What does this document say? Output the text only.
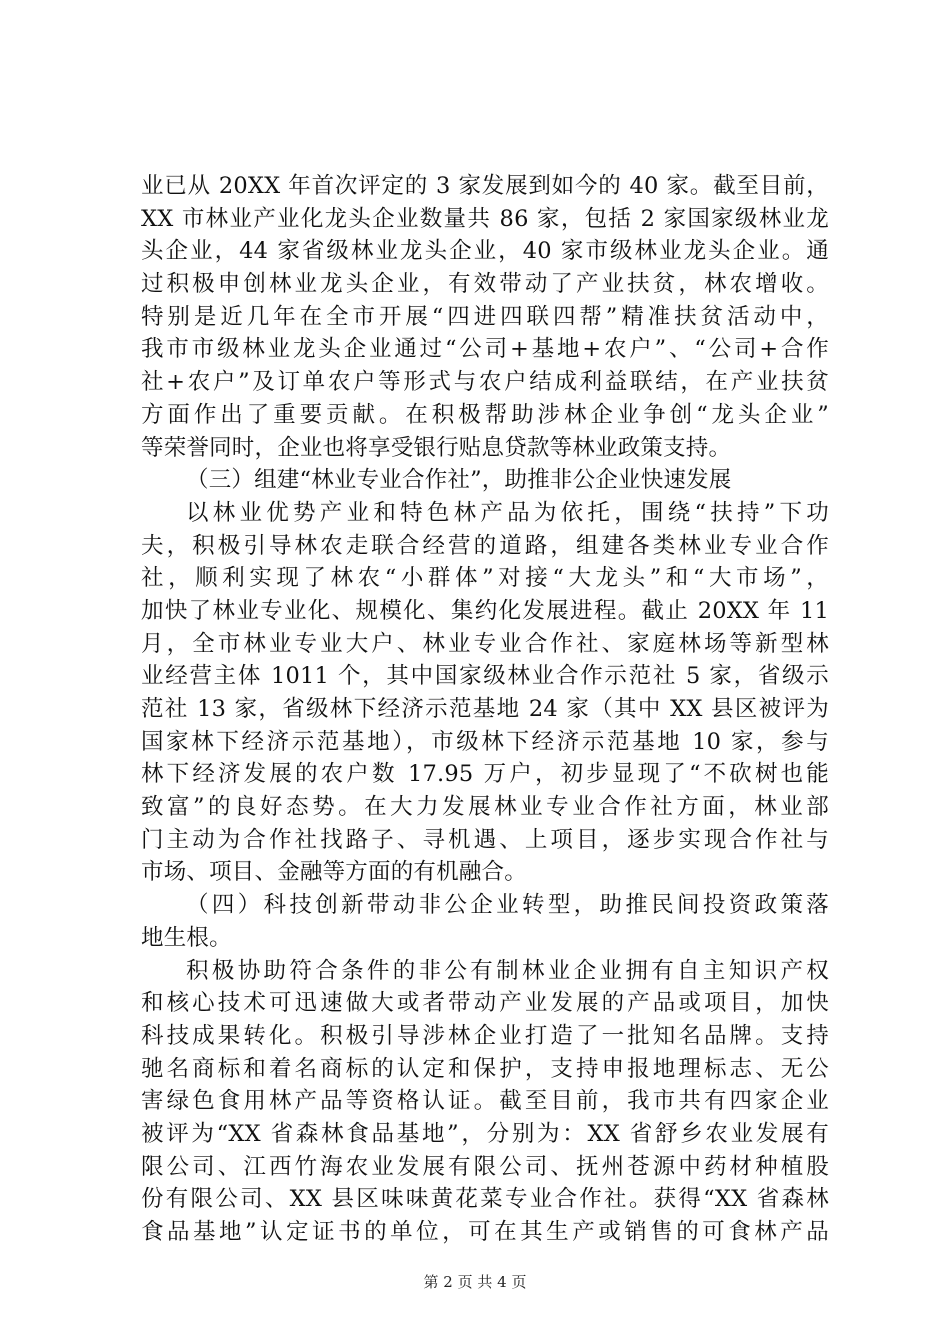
业已从 20XX 年首次评定的 3 家发展到如今的 40 家。截至目前，
XX 市林业产业化龙头企业数量共 86 家，包括 2 家国家级林业龙
头企业，44 家省级林业龙头企业，40 家市级林业龙头企业。通
过积极申创林业龙头企业，有效带动了产业扶贫，林农增收。
特别是近几年在全市开展“四进四联四帮”精准扶贫活动中，
我市市级林业龙头企业通过“公司+基地+农户”、“公司+合作
社+农户”及订单农户等形式与农户结成利益联结，在产业扶贫
方面作出了重要贡献。在积极帮助涉林企业争创“龙头企业”
等荣誉同时，企业也将享受银行贴息贷款等林业政策支持。
（三）组建“林业专业合作社”，助推非公企业快速发展
以林业优势产业和特色林产品为依托，围绕“扶持”下功
夫，积极引导林农走联合经营的道路，组建各类林业专业合作
社，顺利实现了林农“小群体”对接“大龙头”和“大市场”，
加快了林业专业化、规模化、集约化发展进程。截止 20XX 年 11
月，全市林业专业大户、林业专业合作社、家庭林场等新型林
业经营主体 1011 个，其中国家级林业合作示范社 5 家，省级示
范社 13 家，省级林下经济示范基地 24 家（其中 XX 县区被评为
国家林下经济示范基地），市级林下经济示范基地 10 家，参与
林下经济发展的农户数 17.95 万户，初步显现了“不砍树也能
致富”的良好态势。在大力发展林业专业合作社方面，林业部
门主动为合作社找路子、寻机遇、上项目，逐步实现合作社与
市场、项目、金融等方面的有机融合。
（四）科技创新带动非公企业转型，助推民间投资政策落
地生根。
积极协助符合条件的非公有制林业企业拥有自主知识产权
和核心技术可迅速做大或者带动产业发展的产品或项目，加快
科技成果转化。积极引导涉林企业打造了一批知名品牌。支持
驰名商标和着名商标的认定和保护，支持申报地理标志、无公
害绿色食用林产品等资格认证。截至目前，我市共有四家企业
被评为“XX 省森林食品基地”，分别为：XX 省舒乡农业发展有
限公司、江西竹海农业发展有限公司、抚州苍源中药材种植股
份有限公司、XX 县区味味黄花菜专业合作社。获得“XX 省森林
食品基地”认定证书的单位，可在其生产或销售的可食林产品
第 2 页 共 4 页
